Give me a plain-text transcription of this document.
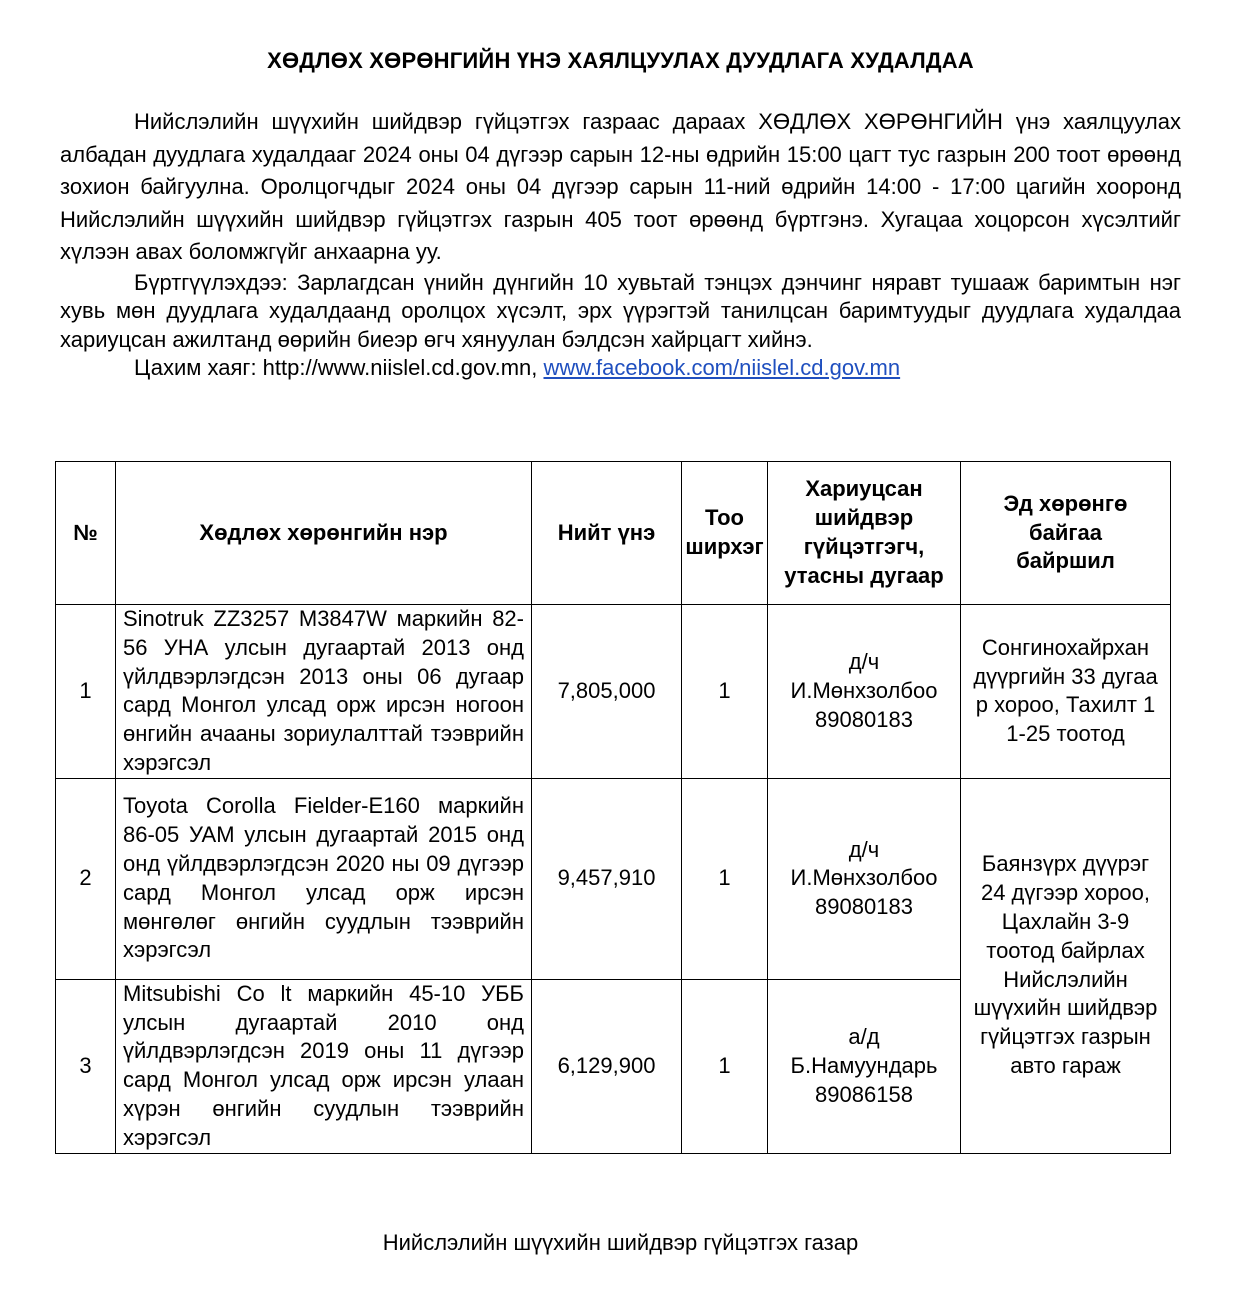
ХӨДЛӨХ ХӨРӨНГИЙН ҮНЭ ХАЯЛЦУУЛАХ ДУУДЛАГА ХУДАЛДАА

Нийслэлийн шүүхийн шийдвэр гүйцэтгэх газраас дараах ХӨДЛӨХ ХӨРӨНГИЙН үнэ хаялцуулах албадан дуудлага худалдааг 2024 оны 04 дүгээр сарын 12-ны өдрийн 15:00 цагт тус газрын 200 тоот өрөөнд зохион байгуулна. Оролцогчдыг 2024 оны 04 дүгээр сарын 11-ний өдрийн 14:00 - 17:00 цагийн хооронд Нийслэлийн шүүхийн шийдвэр гүйцэтгэх газрын 405 тоот өрөөнд бүртгэнэ. Хугацаа хоцорсон хүсэлтийг хүлээн авах боломжгүйг анхаарна уу.

Бүртгүүлэхдээ: Зарлагдсан үнийн дүнгийн 10 хувьтай тэнцэх дэнчинг няравт тушааж баримтын нэг хувь мөн дуудлага худалдаанд оролцох хүсэлт, эрх үүрэгтэй танилцсан баримтуудыг дуудлага худалдаа хариуцсан ажилтанд өөрийн биеэр өгч хянуулан бэлдсэн хайрцагт хийнэ.

Цахим хаяг: http://www.niislel.cd.gov.mn, www.facebook.com/niislel.cd.gov.mn

№	Хөдлөх хөрөнгийн нэр	Нийт үнэ	Тоо ширхэг	Хариуцсан шийдвэр гүйцэтгэгч, утасны дугаар	Эд хөрөнгө байгаа байршил
1	Sinotruk ZZ3257 M3847W маркийн 82-56 УНА улсын дугаартай 2013 онд үйлдвэрлэгдсэн 2013 оны 06 дугаар сард Монгол улсад орж ирсэн ногоон өнгийн ачааны зориулалттай тээврийн хэрэгсэл	7,805,000	1	д/ч
И.Мөнхзолбоо
89080183	Сонгинохайрхан дүүргийн 33 дугаар хороо, Тахилт 11-25 тоотод
2	Toyota Corolla Fielder-E160 маркийн 86-05 УАМ улсын дугаартай 2015 онд онд үйлдвэрлэгдсэн 2020 ны 09 дүгээр сард Монгол улсад орж ирсэн мөнгөлөг өнгийн суудлын тээврийн хэрэгсэл	9,457,910	1	д/ч
И.Мөнхзолбоо
89080183	Баянзүрх дүүрэг 24 дүгээр хороо, Цахлайн 3-9 тоотод байрлах Нийслэлийн шүүхийн шийдвэр гүйцэтгэх газрын авто гараж
3	Mitsubishi Co lt маркийн 45-10 УББ улсын дугаартай 2010 онд үйлдвэрлэгдсэн 2019 оны 11 дүгээр сард Монгол улсад орж ирсэн улаан хүрэн өнгийн суудлын тээврийн хэрэгсэл	6,129,900	1	а/д
Б.Намуундарь
89086158	
Нийслэлийн шүүхийн шийдвэр гүйцэтгэх газар
